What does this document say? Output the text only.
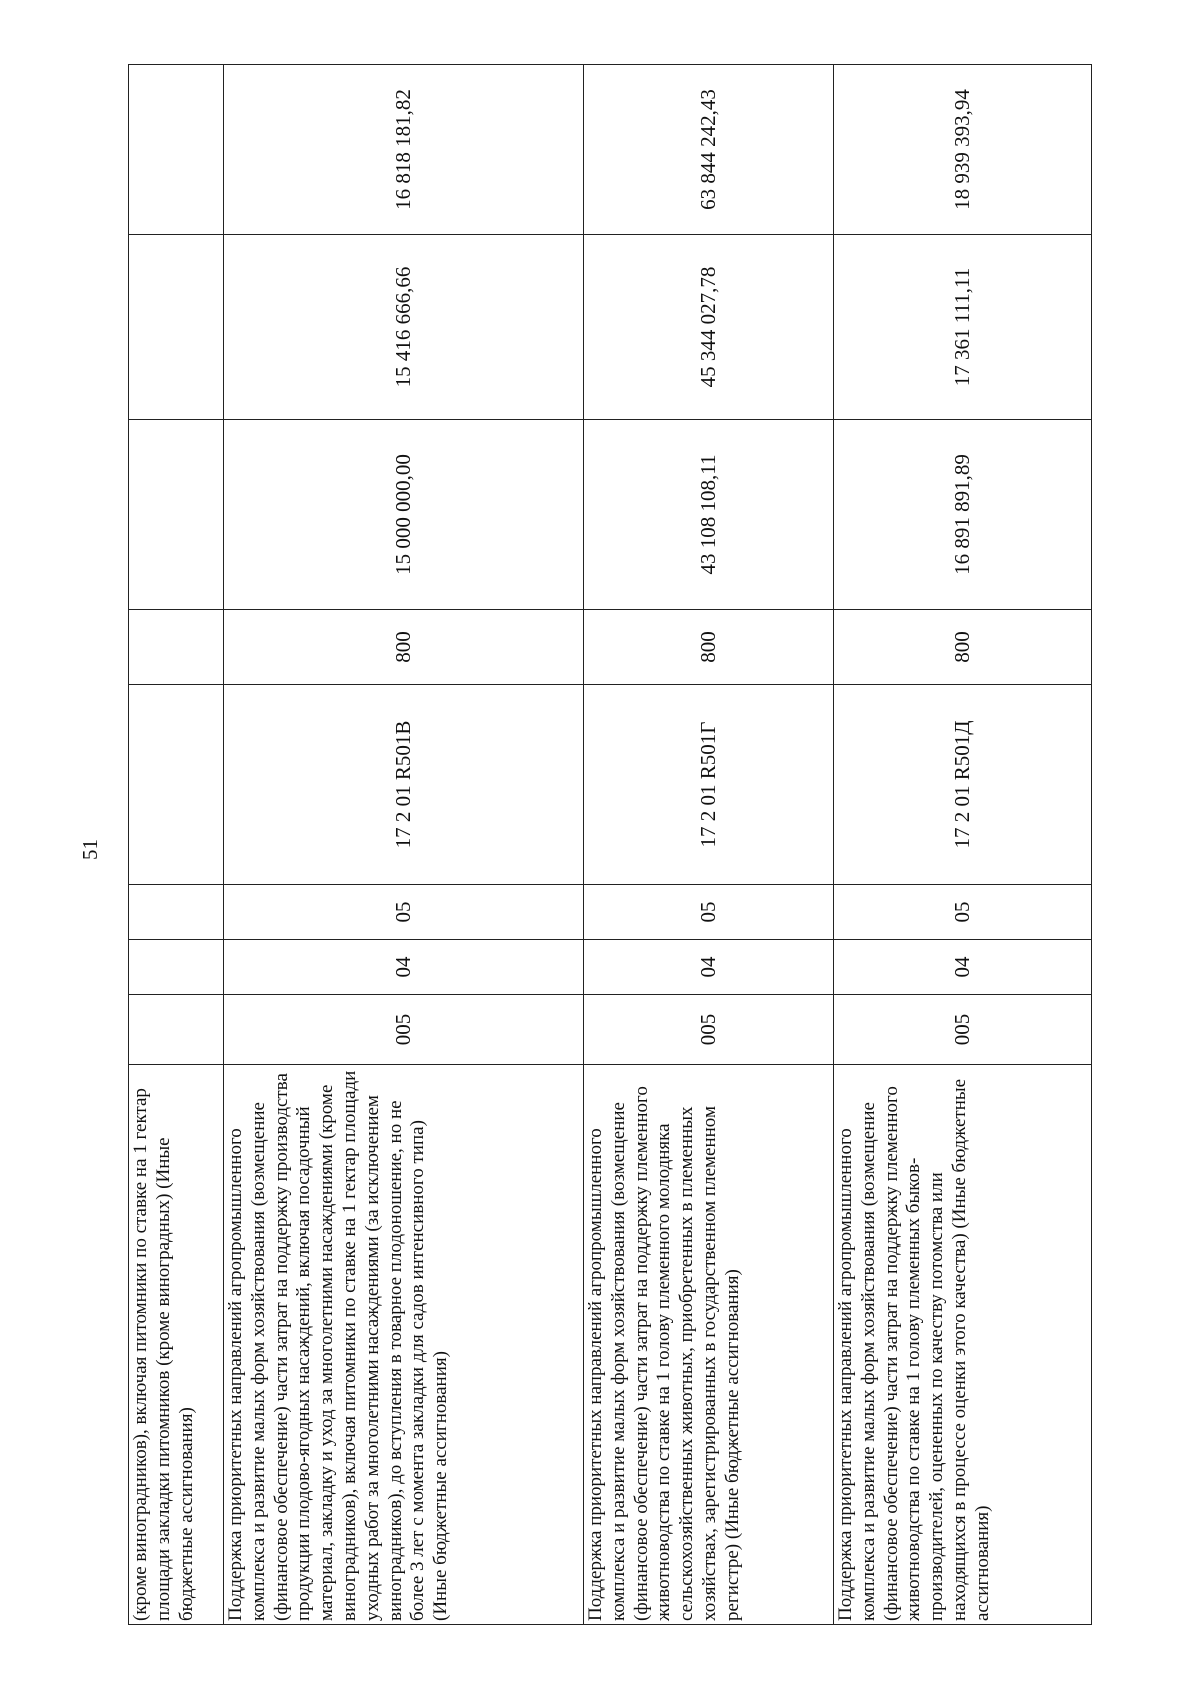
51
(кроме виноградников), включая питомники по ставке на 1 гектар площади закладки питомников (кроме виноградных) (Иные бюджетные ассигнования)								
Поддержка приоритетных направлений агропромышленного комплекса и развитие малых форм хозяйствования (возмещение (финансовое обеспечение) части затрат на поддержку производства продукции плодово-ягодных насаждений, включая посадочный материал, закладку и уход за многолетними насаждениями (кроме виноградников), включая питомники по ставке на 1 гектар площади уходных работ за многолетними насаждениями (за исключением виноградников), до вступления в товарное плодоношение, но не более 3 лет с момента закладки для садов интенсивного типа) (Иные бюджетные ассигнования)	005	04	05	17 2 01 R501В	800	15 000 000,00	15 416 666,66	16 818 181,82
Поддержка приоритетных направлений агропромышленного комплекса и развитие малых форм хозяйствования (возмещение (финансовое обеспечение) части затрат на поддержку племенного животноводства по ставке на 1 голову племенного молодняка сельскохозяйственных животных, приобретенных в племенных хозяйствах, зарегистрированных в государственном племенном регистре) (Иные бюджетные ассигнования)	005	04	05	17 2 01 R501Г	800	43 108 108,11	45 344 027,78	63 844 242,43
Поддержка приоритетных направлений агропромышленного комплекса и развитие малых форм хозяйствования (возмещение (финансовое обеспечение) части затрат на поддержку племенного животноводства по ставке на 1 голову племенных быков-производителей, оцененных по качеству потомства или находящихся в процессе оценки этого качества) (Иные бюджетные ассигнования)	005	04	05	17 2 01 R501Д	800	16 891 891,89	17 361 111,11	18 939 393,94
